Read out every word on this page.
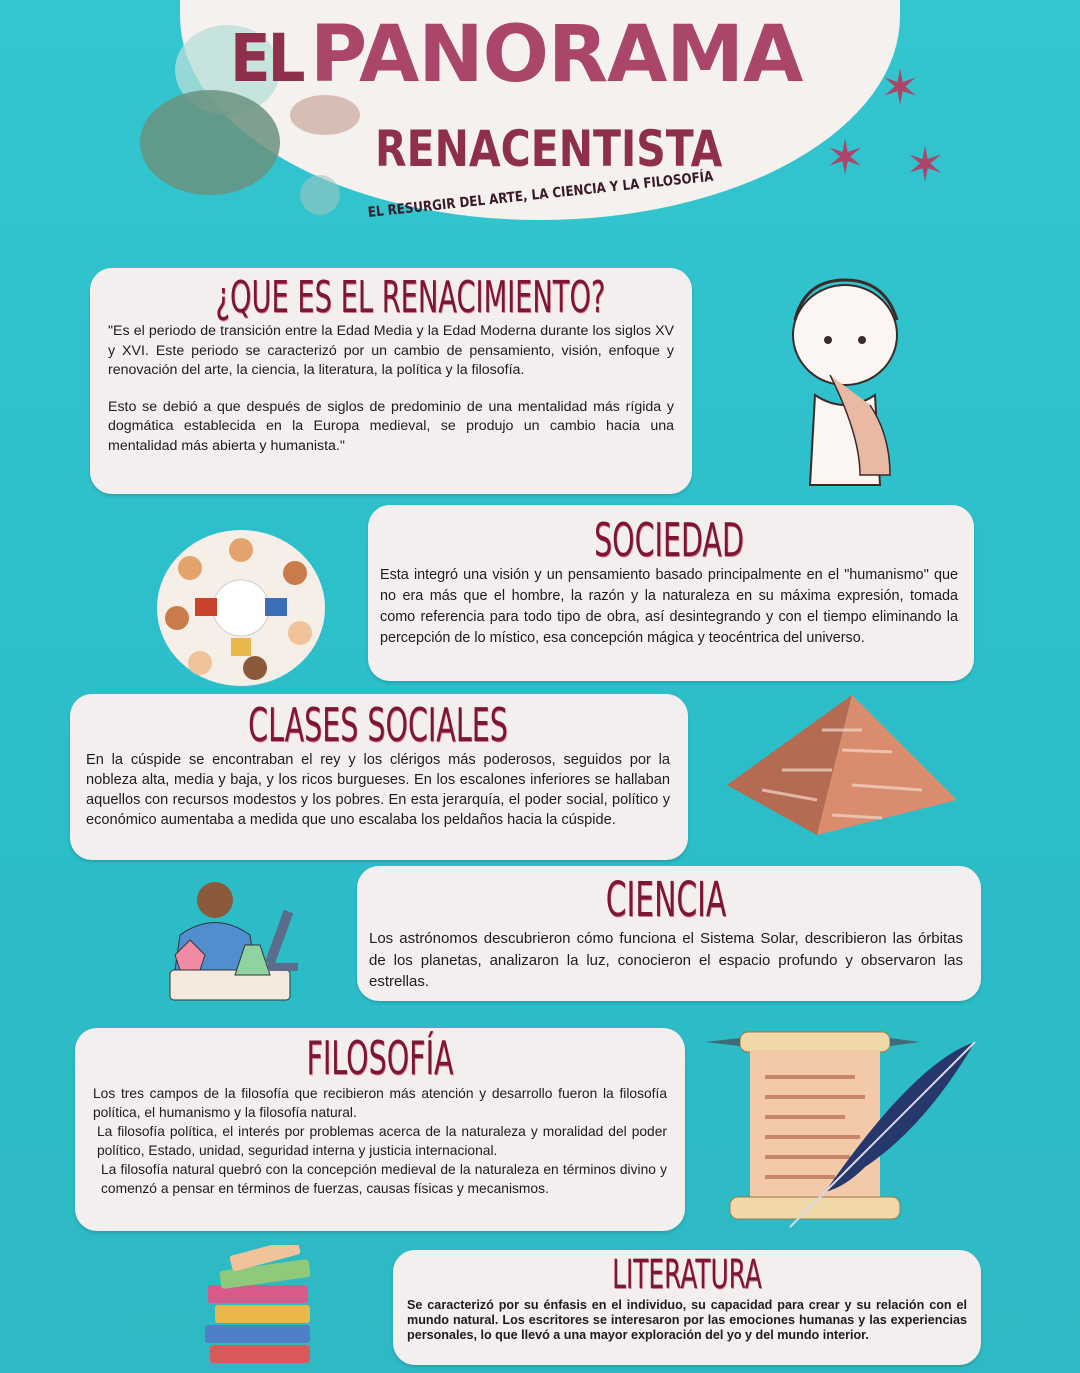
EL PANORAMA
RENACENTISTA
EL RESURGIR DEL ARTE, LA CIENCIA Y LA FILOSOFÍA
✶
✶ ✶
¿QUE ES EL RENACIMIENTO?

"Es el periodo de transición entre la Edad Media y la Edad Moderna durante los siglos XV y XVI. Este periodo se caracterizó por un cambio de pensamiento, visión, enfoque y renovación del arte, la ciencia, la literatura, la política y la filosofía.

Esto se debió a que después de siglos de predominio de una mentalidad más rígida y dogmática establecida en la Europa medieval, se produjo un cambio hacia una mentalidad más abierta y humanista."

SOCIEDAD

Esta integró una visión y un pensamiento basado principalmente en el "humanismo" que no era más que el hombre, la razón y la naturaleza en su máxima expresión, tomada como referencia para todo tipo de obra, así desintegrando y con el tiempo eliminando la percepción de lo místico, esa concepción mágica y teocéntrica del universo.

CLASES SOCIALES

En la cúspide se encontraban el rey y los clérigos más poderosos, seguidos por la nobleza alta, media y baja, y los ricos burgueses. En los escalones inferiores se hallaban aquellos con recursos modestos y los pobres. En esta jerarquía, el poder social, político y económico aumentaba a medida que uno escalaba los peldaños hacia la cúspide.

CIENCIA

Los astrónomos descubrieron cómo funciona el Sistema Solar, describieron las órbitas de los planetas, analizaron la luz, conocieron el espacio profundo y observaron las estrellas.

FILOSOFÍA

Los tres campos de la filosofía que recibieron más atención y desarrollo fueron la filosofía política, el humanismo y la filosofía natural.

La filosofía política, el interés por problemas acerca de la naturaleza y moralidad del poder político, Estado, unidad, seguridad interna y justicia internacional.

La filosofía natural quebró con la concepción medieval de la naturaleza en términos divino y comenzó a pensar en términos de fuerzas, causas físicas y mecanismos.

LITERATURA

Se caracterizó por su énfasis en el individuo, su capacidad para crear y su relación con el mundo natural. Los escritores se interesaron por las emociones humanas y las experiencias personales, lo que llevó a una mayor exploración del yo y del mundo interior.
